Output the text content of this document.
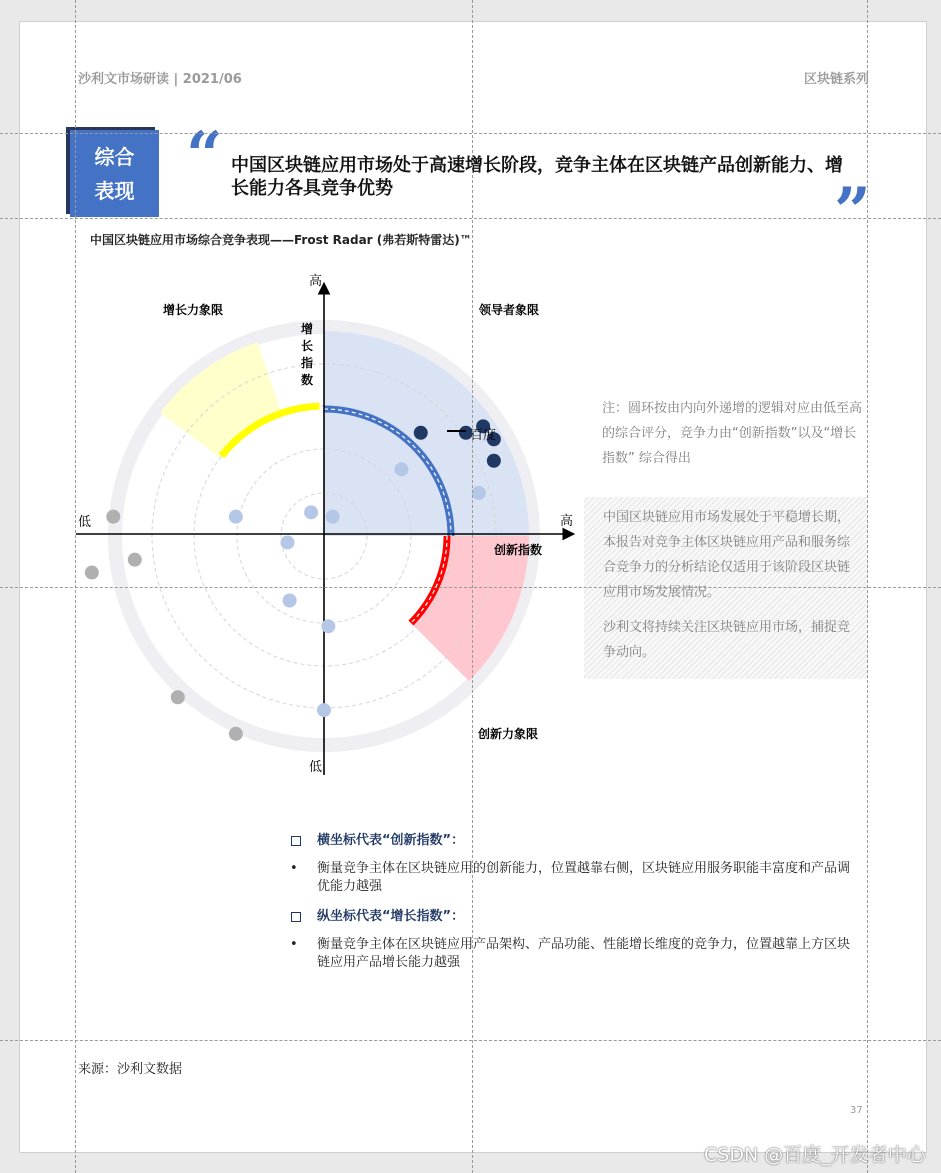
沙利文市场研读 | 2021/06	区块链系列
综合
表现 “ 中国区块链应用市场处于高速增长阶段，竞争主体在区块链产品创新能力、增长能力各具竞争优势	”
中国区块链应用市场综合竞争表现——Frost Radar (弗若斯特雷达)™
百度
高
低
低	高
创新指数
增长指数
增长力象限	领导者象限
创新力象限
注：圆环按由内向外递增的逻辑对应由低至高的综合评分，竞争力由“创新指数”以及“增长指数” 综合得出

中国区块链应用市场发展处于平稳增长期，本报告对竞争主体区块链应用产品和服务综合竞争力的分析结论仅适用于该阶段区块链应用市场发展情况。

沙利文将持续关注区块链应用市场，捕捉竞争动向。

横坐标代表“创新指数”：
• 衡量竞争主体在区块链应用的创新能力，位置越靠右侧，区块链应用服务职能丰富度和产品调优能力越强
纵坐标代表“增长指数”：
• 衡量竞争主体在区块链应用产品架构、产品功能、性能增长维度的竞争力，位置越靠上方区块链应用产品增长能力越强
来源：沙利文数据
37
CSDN @百度_开发者中心
